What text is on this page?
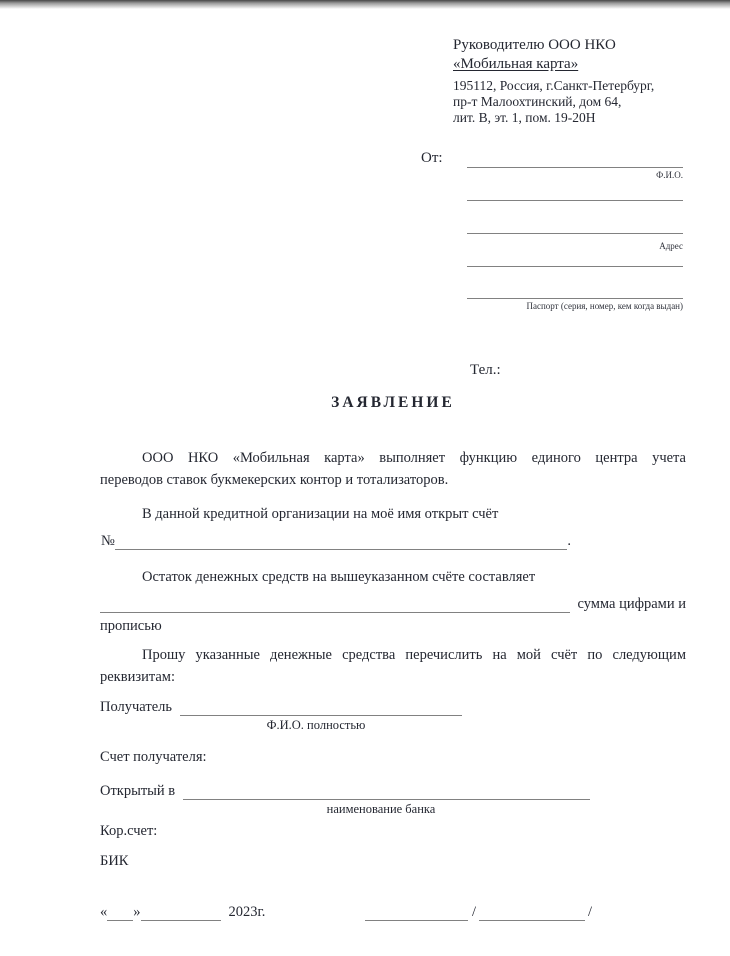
Руководителю ООО НКО
«Мобильная карта»
195112, Россия, г.Санкт-Петербург,
пр-т Малоохтинский, дом 64,
лит. В, эт. 1, пом. 19-20Н
От:
Ф.И.О.
Адрес
Паспорт (серия, номер, кем когда выдан)
Тел.:
ЗАЯВЛЕНИЕ
ООО НКО «Мобильная карта» выполняет функцию единого центра учета
переводов ставок букмекерских контор и тотализаторов.
В данной кредитной организации на моё имя открыт счёт
№	.
Остаток денежных средств на вышеуказанном счёте составляет
сумма цифрами и
прописью
Прошу указанные денежные средства перечислить на мой счёт по следующим
реквизитам:
Получатель
Ф.И.О. полностью
Счет получателя:
Открытый в
наименование банка
Кор.счет:
БИК
« »	2023г.	/	/
